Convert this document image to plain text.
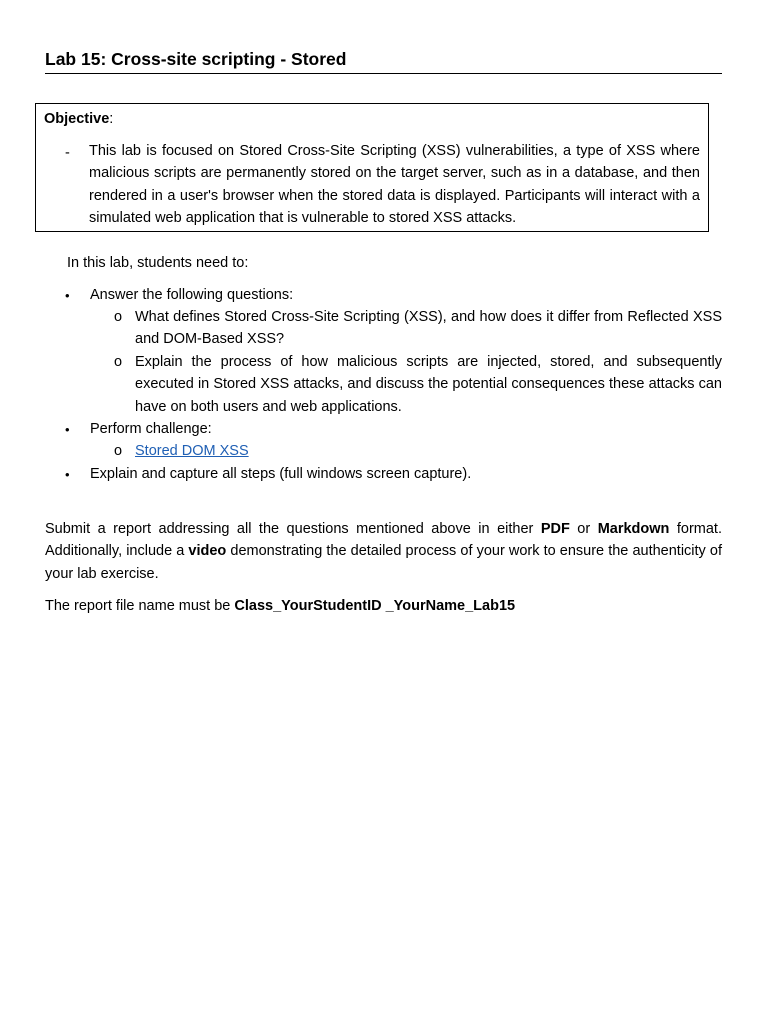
Lab 15: Cross-site scripting - Stored
Objective:
- This lab is focused on Stored Cross-Site Scripting (XSS) vulnerabilities, a type of XSS where malicious scripts are permanently stored on the target server, such as in a database, and then rendered in a user's browser when the stored data is displayed. Participants will interact with a simulated web application that is vulnerable to stored XSS attacks.
In this lab, students need to:
• Answer the following questions:
o What defines Stored Cross-Site Scripting (XSS), and how does it differ from Reflected XSS and DOM-Based XSS?
o Explain the process of how malicious scripts are injected, stored, and subsequently executed in Stored XSS attacks, and discuss the potential consequences these attacks can have on both users and web applications.
• Perform challenge:
o Stored DOM XSS
• Explain and capture all steps (full windows screen capture).
Submit a report addressing all the questions mentioned above in either PDF or Markdown format. Additionally, include a video demonstrating the detailed process of your work to ensure the authenticity of your lab exercise.
The report file name must be Class_YourStudentID _YourName_Lab15
